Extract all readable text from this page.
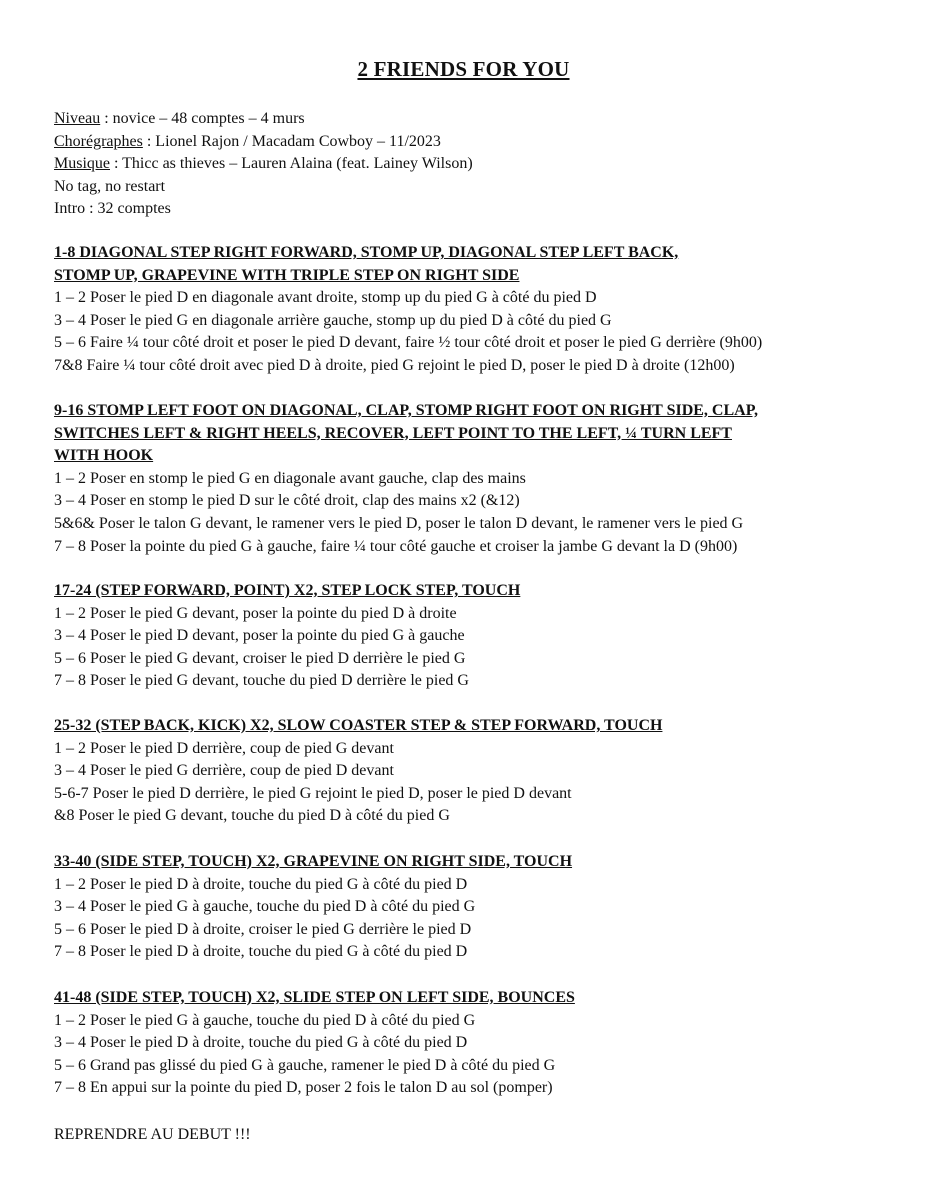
2 FRIENDS FOR YOU
Niveau : novice – 48 comptes – 4 murs
Chorégraphes : Lionel Rajon / Macadam Cowboy – 11/2023
Musique : Thicc as thieves – Lauren Alaina (feat. Lainey Wilson)
No tag, no restart
Intro : 32 comptes
1-8 DIAGONAL STEP RIGHT FORWARD, STOMP UP, DIAGONAL STEP LEFT BACK,
STOMP UP, GRAPEVINE WITH TRIPLE STEP ON RIGHT SIDE
1 – 2 Poser le pied D en diagonale avant droite, stomp up du pied G à côté du pied D
3 – 4 Poser le pied G en diagonale arrière gauche, stomp up du pied D à côté du pied G
5 – 6 Faire ¼ tour côté droit et poser le pied D devant, faire ½ tour côté droit et poser le pied G derrière (9h00)
7&8 Faire ¼ tour côté droit avec pied D à droite, pied G rejoint le pied D, poser le pied D à droite (12h00)
9-16 STOMP LEFT FOOT ON DIAGONAL, CLAP, STOMP RIGHT FOOT ON RIGHT SIDE, CLAP,
SWITCHES LEFT & RIGHT HEELS, RECOVER, LEFT POINT TO THE LEFT, ¼ TURN LEFT
WITH HOOK
1 – 2 Poser en stomp le pied G en diagonale avant gauche, clap des mains
3 – 4 Poser en stomp le pied D sur le côté droit, clap des mains x2 (&12)
5&6& Poser le talon G devant, le ramener vers le pied D, poser le talon D devant, le ramener vers le pied G
7 – 8 Poser la pointe du pied G à gauche, faire ¼ tour côté gauche et croiser la jambe G devant la D (9h00)
17-24 (STEP FORWARD, POINT) X2, STEP LOCK STEP, TOUCH
1 – 2 Poser le pied G devant, poser la pointe du pied D à droite
3 – 4 Poser le pied D devant, poser la pointe du pied G à gauche
5 – 6 Poser le pied G devant, croiser le pied D derrière le pied G
7 – 8 Poser le pied G devant, touche du pied D derrière le pied G
25-32 (STEP BACK, KICK) X2, SLOW COASTER STEP & STEP FORWARD, TOUCH
1 – 2 Poser le pied D derrière, coup de pied G devant
3 – 4 Poser le pied G derrière, coup de pied D devant
5-6-7 Poser le pied D derrière, le pied G rejoint le pied D, poser le pied D devant
&8 Poser le pied G devant, touche du pied D à côté du pied G
33-40 (SIDE STEP, TOUCH) X2, GRAPEVINE ON RIGHT SIDE, TOUCH
1 – 2 Poser le pied D à droite, touche du pied G à côté du pied D
3 – 4 Poser le pied G à gauche, touche du pied D à côté du pied G
5 – 6 Poser le pied D à droite, croiser le pied G derrière le pied D
7 – 8 Poser le pied D à droite, touche du pied G à côté du pied D
41-48 (SIDE STEP, TOUCH) X2, SLIDE STEP ON LEFT SIDE, BOUNCES
1 – 2 Poser le pied G à gauche, touche du pied D à côté du pied G
3 – 4 Poser le pied D à droite, touche du pied G à côté du pied D
5 – 6 Grand pas glissé du pied G à gauche, ramener le pied D à côté du pied G
7 – 8 En appui sur la pointe du pied D, poser 2 fois le talon D au sol (pomper)
REPRENDRE AU DEBUT !!!
